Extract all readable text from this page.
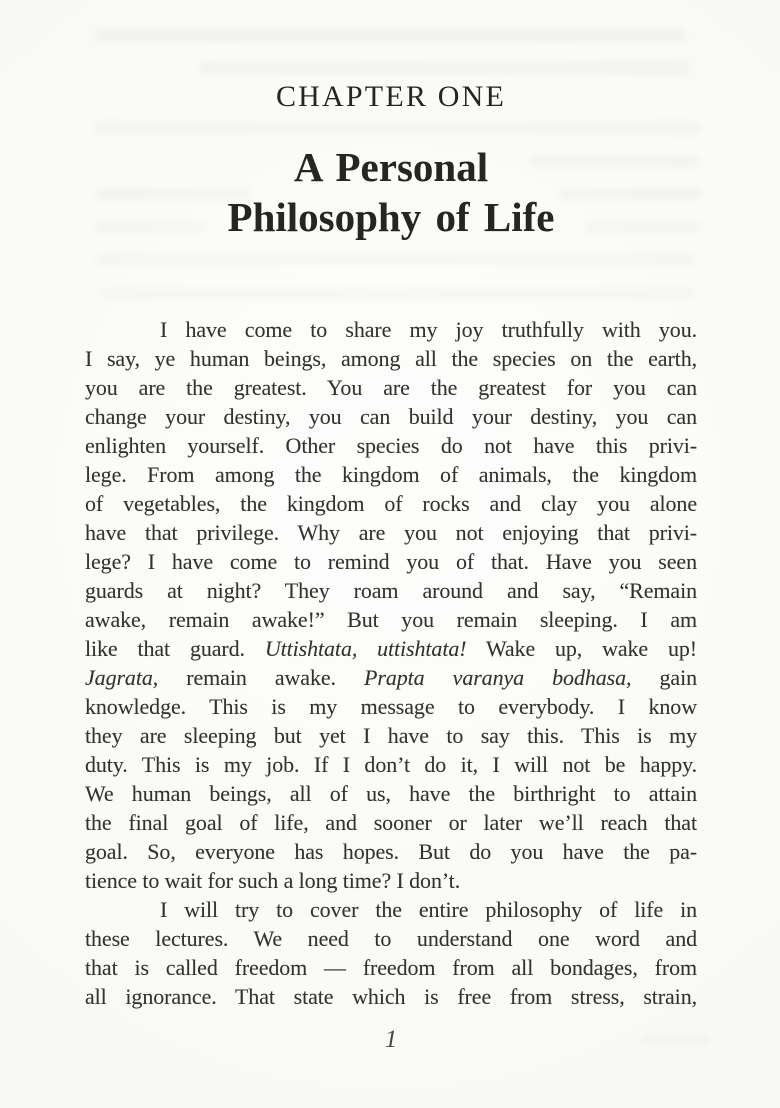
CHAPTER ONE
A Personal
Philosophy of Life
I have come to share my joy truthfully with you.
I say, ye human beings, among all the species on the earth,
you are the greatest. You are the greatest for you can
change your destiny, you can build your destiny, you can
enlighten yourself. Other species do not have this privi-
lege. From among the kingdom of animals, the kingdom
of vegetables, the kingdom of rocks and clay you alone
have that privilege. Why are you not enjoying that privi-
lege? I have come to remind you of that. Have you seen
guards at night? They roam around and say, “Remain
awake, remain awake!” But you remain sleeping. I am
like that guard. Uttishtata, uttishtata! Wake up, wake up!
Jagrata, remain awake. Prapta varanya bodhasa, gain
knowledge. This is my message to everybody. I know
they are sleeping but yet I have to say this. This is my
duty. This is my job. If I don’t do it, I will not be happy.
We human beings, all of us, have the birthright to attain
the final goal of life, and sooner or later we’ll reach that
goal. So, everyone has hopes. But do you have the pa-
tience to wait for such a long time? I don’t.
I will try to cover the entire philosophy of life in
these lectures. We need to understand one word and
that is called freedom — freedom from all bondages, from
all ignorance. That state which is free from stress, strain,
1
